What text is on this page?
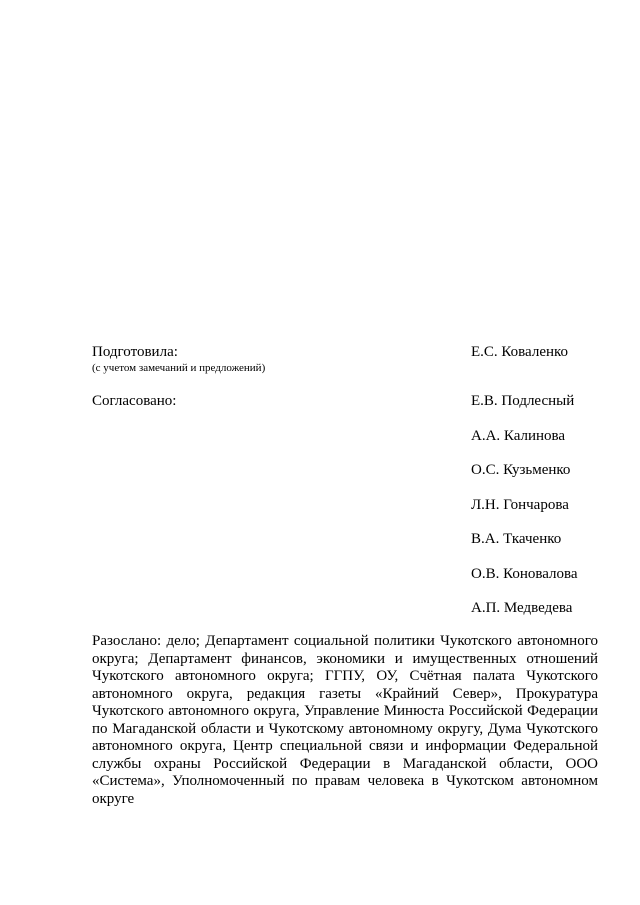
Подготовила:	Е.С. Коваленко
(с учетом замечаний и предложений)
Согласовано:	Е.В. Подлесный
А.А. Калинова
О.С. Кузьменко
Л.Н. Гончарова
В.А. Ткаченко
О.В. Коновалова
А.П. Медведева

Разослано: дело; Департамент социальной политики Чукотского автономного округа; Департамент финансов, экономики и имущественных отношений Чукотского автономного округа; ГГПУ, ОУ, Счётная палата Чукотского автономного округа, редакция газеты «Крайний Север», Прокуратура Чукотского автономного округа, Управление Минюста Российской Федерации по Магаданской области и Чукотскому автономному округу, Дума Чукотского автономного округа, Центр специальной связи и информации Федеральной службы охраны Российской Федерации в Магаданской области, ООО «Система», Уполномоченный по правам человека в Чукотском автономном округе
